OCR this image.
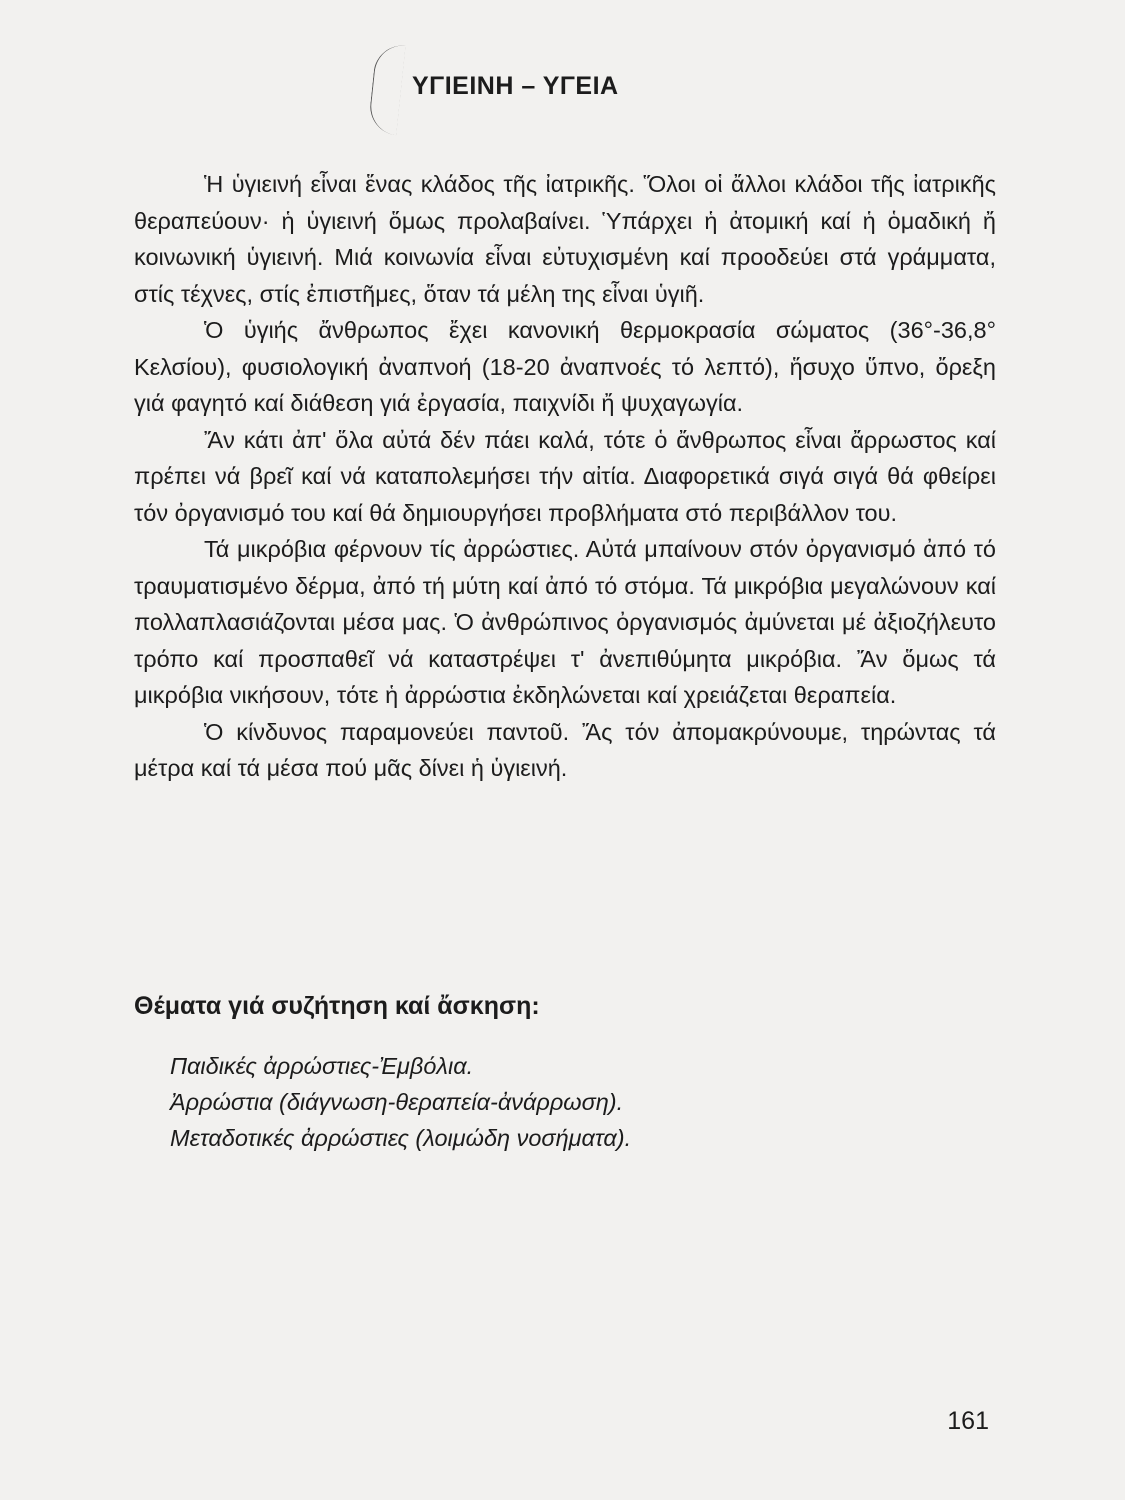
ΥΓΙΕΙΝΗ – ΥΓΕΙΑ

Ἡ ὑγιεινή εἶναι ἕνας κλάδος τῆς ἰατρικῆς. Ὅλοι οἱ ἄλλοι κλάδοι τῆς ἰατρικῆς θεραπεύουν· ἡ ὑγιεινή ὅμως προλαβαίνει. Ὑπάρχει ἡ ἀτομική καί ἡ ὁμαδική ἤ κοινωνική ὑγιεινή. Μιά κοινωνία εἶναι εὐτυχισμένη καί προοδεύει στά γράμματα, στίς τέχνες, στίς ἐπιστῆμες, ὅταν τά μέλη της εἶναι ὑγιῆ.

Ὁ ὑγιής ἄνθρωπος ἔχει κανονική θερμοκρασία σώματος (36°-36,8° Κελσίου), φυσιολογική ἀναπνοή (18-20 ἀναπνοές τό λεπτό), ἥσυχο ὕπνο, ὄρεξη γιά φαγητό καί διάθεση γιά ἐργασία, παιχνίδι ἤ ψυχαγωγία.

Ἄν κάτι ἀπ' ὅλα αὐτά δέν πάει καλά, τότε ὁ ἄνθρωπος εἶναι ἄρρωστος καί πρέπει νά βρεῖ καί νά καταπολεμήσει τήν αἰτία. Διαφορετικά σιγά σιγά θά φθείρει τόν ὀργανισμό του καί θά δημιουργήσει προβλήματα στό περιβάλλον του.

Τά μικρόβια φέρνουν τίς ἀρρώστιες. Αὐτά μπαίνουν στόν ὀργανισμό ἀπό τό τραυματισμένο δέρμα, ἀπό τή μύτη καί ἀπό τό στόμα. Τά μικρόβια μεγαλώνουν καί πολλαπλασιάζονται μέσα μας. Ὁ ἀνθρώπινος ὀργανισμός ἀμύνεται μέ ἀξιοζήλευτο τρόπο καί προσπαθεῖ νά καταστρέψει τ' ἀνεπιθύμητα μικρόβια. Ἄν ὅμως τά μικρόβια νικήσουν, τότε ἡ ἀρρώστια ἐκδηλώνεται καί χρειάζεται θεραπεία.

Ὁ κίνδυνος παραμονεύει παντοῦ. Ἄς τόν ἀπομακρύνουμε, τηρώντας τά μέτρα καί τά μέσα πού μᾶς δίνει ἡ ὑγιεινή.

Θέματα γιά συζήτηση καί ἄσκηση:
Παιδικές ἀρρώστιες-Ἐμβόλια.
Ἀρρώστια (διάγνωση-θεραπεία-ἀνάρρωση).
Μεταδοτικές ἀρρώστιες (λοιμώδη νοσήματα).
161
